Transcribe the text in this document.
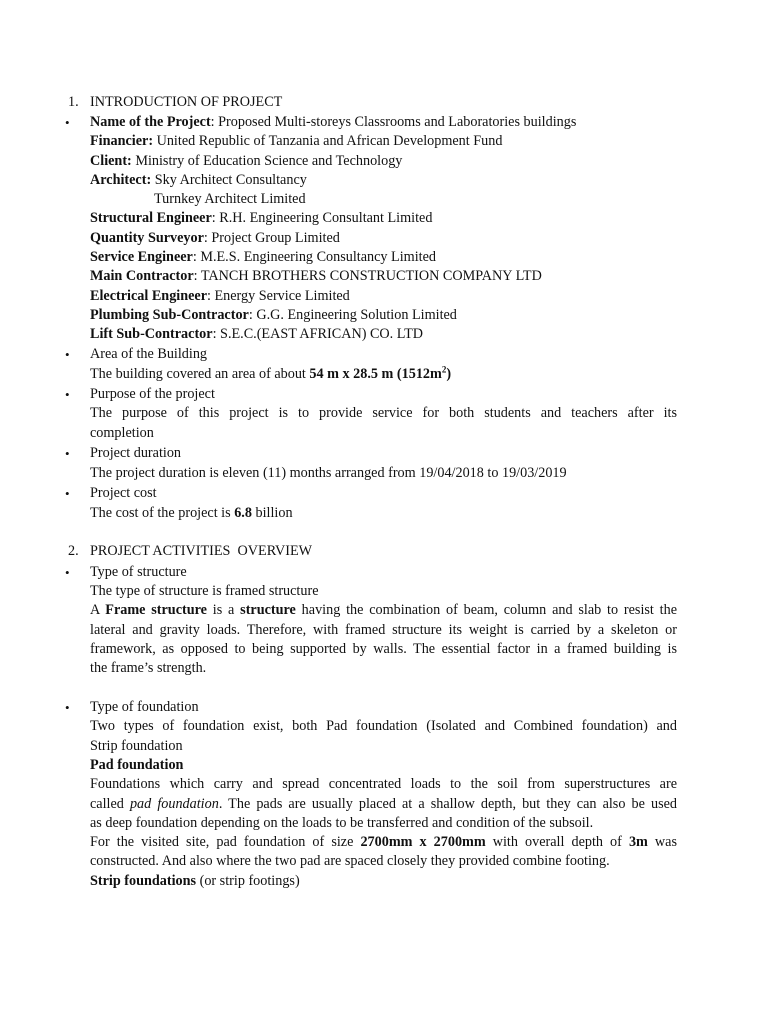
1. INTRODUCTION OF PROJECT
• Name of the Project: Proposed Multi-storeys Classrooms and Laboratories buildings
Financier: United Republic of Tanzania and African Development Fund
Client: Ministry of Education Science and Technology
Architect: Sky Architect Consultancy
Turnkey Architect Limited
Structural Engineer: R.H. Engineering Consultant Limited
Quantity Surveyor: Project Group Limited
Service Engineer: M.E.S. Engineering Consultancy Limited
Main Contractor: TANCH BROTHERS CONSTRUCTION COMPANY LTD
Electrical Engineer: Energy Service Limited
Plumbing Sub-Contractor: G.G. Engineering Solution Limited
Lift Sub-Contractor: S.E.C.(EAST AFRICAN) CO. LTD
• Area of the Building
The building covered an area of about 54 m x 28.5 m $(1512m^2)$
• Purpose of the project
The purpose of this project is to provide service for both students and teachers after its
completion
• Project duration
The project duration is eleven (11) months arranged from 19/04/2018 to 19/03/2019
• Project cost
The cost of the project is 6.8 billion
2. PROJECT ACTIVITIES  OVERVIEW
• Type of structure
The type of structure is framed structure
A Frame structure is a structure having the combination of beam, column and slab to resist the
lateral and gravity loads. Therefore, with framed structure its weight is carried by a skeleton or
framework, as opposed to being supported by walls. The essential factor in a framed building is
the frame’s strength.
• Type of foundation
Two types of foundation exist, both Pad foundation (Isolated and Combined foundation) and
Strip foundation
Pad foundation
Foundations which carry and spread concentrated loads to the soil from superstructures are
called pad foundation. The pads are usually placed at a shallow depth, but they can also be used
as deep foundation depending on the loads to be transferred and condition of the subsoil.
For the visited site, pad foundation of size 2700mm x 2700mm with overall depth of 3m was
constructed. And also where the two pad are spaced closely they provided combine footing.
Strip foundations (or strip footings)
